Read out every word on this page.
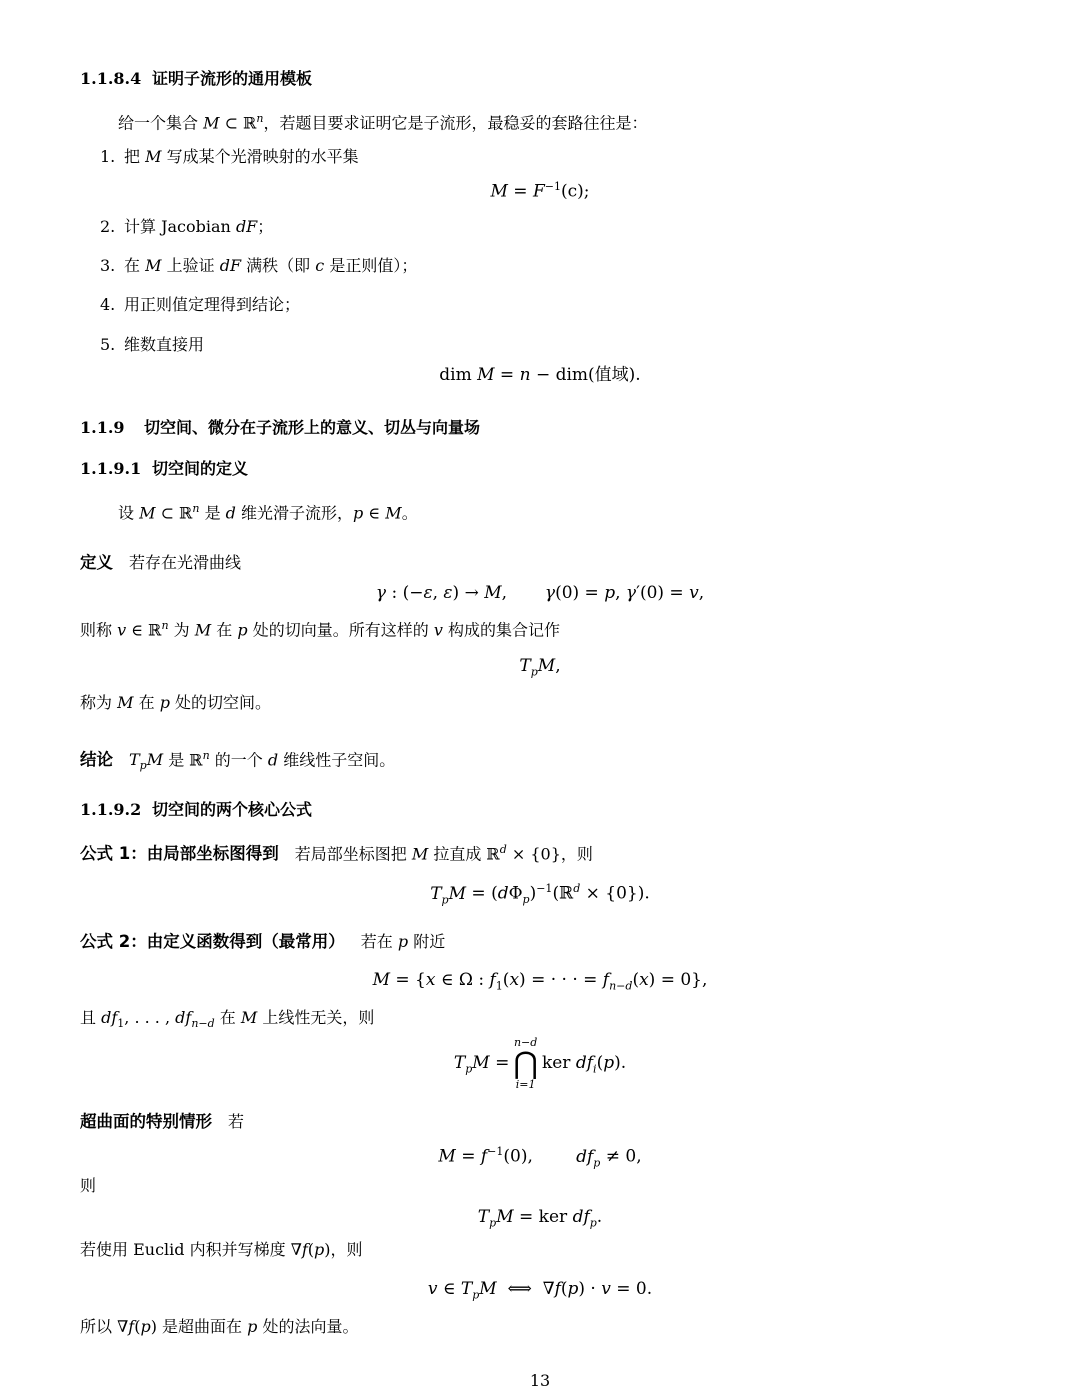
1.1.8.4 证明子流形的通用模板
给一个集合 M ⊂ ℝ$^n$，若题目要求证明它是子流形，最稳妥的套路往往是：
1. 把 M 写成某个光滑映射的水平集
$M = F^{-1}(c)$;
2. 计算 Jacobian dF；
3. 在 M 上验证 dF 满秩（即 c 是正则值）；
4. 用正则值定理得到结论；
5. 维数直接用
dim M = n − dim(值域).
1.1.9 切空间、微分在子流形上的意义、切丛与向量场
1.1.9.1 切空间的定义
设 M ⊂ ℝ$^n$ 是 d 维光滑子流形，p ∈ M。
定义 若存在光滑曲线
γ : (−ε, ε) → M,       γ(0) = p, γ′(0) = v,
则称 v ∈ ℝ$^n$ 为 M 在 p 处的切向量。所有这样的 v 构成的集合记作
$T_pM$,
称为 M 在 p 处的切空间。
结论 $T_pM$ 是 ℝ$^n$ 的一个 d 维线性子空间。
1.1.9.2 切空间的两个核心公式
公式 1：由局部坐标图得到 若局部坐标图把 M 拉直成 ℝ$^d$ × {0}，则
$T_pM$ = $(d\Phi_p)^{-1}(ℝ^d \times \{0\})$.
公式 2：由定义函数得到（最常用） 若在 p 附近
M = {x ∈ Ω : $f_1(x)$ = · · · = $f_{n-d}(x) = 0$},
且 $df_1$, . . . , $df_{n-d}$ 在 M 上线性无关，则
$T_pM$ =
n−d
⋂
i=1
ker $df_i(p)$.
超曲面的特别情形 若
$M = f^{-1}(0)$,        $df_p \ne 0$,
则
$T_pM$ = ker $df_p$.
若使用 Euclid 内积并写梯度 ∇f(p)，则
v ∈ $T_pM$  ⟺  ∇f(p) · v = 0.
所以 ∇f(p) 是超曲面在 p 处的法向量。
13
